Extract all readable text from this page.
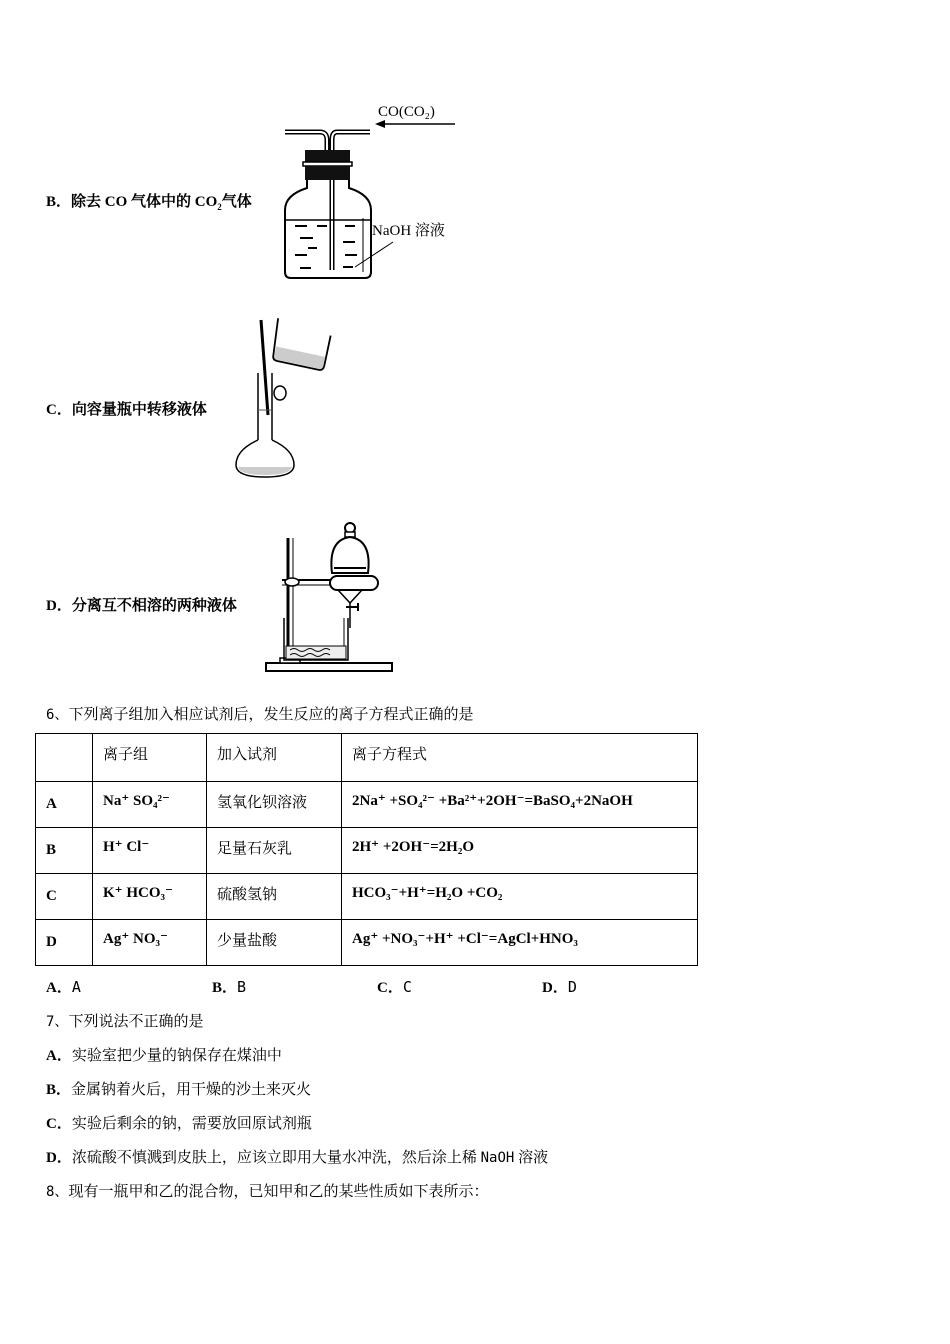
B．除去 CO 气体中的 $CO_2$气体
CO(CO₂)
NaOH 溶液
C．向容量瓶中转移液体
D．分离互不相溶的两种液体
6、下列离子组加入相应试剂后，发生反应的离子方程式正确的是
	离子组	加入试剂	离子方程式
A	Na⁺ SO₄²⁻	氢氧化钡溶液	2Na⁺ +SO₄²⁻ +Ba²⁺+2OH⁻=BaSO₄+2NaOH
B	H⁺ Cl⁻	足量石灰乳	2H⁺ +2OH⁻=2H₂O
C	K⁺ HCO₃⁻	硫酸氢钠	HCO₃⁻+H⁺=H₂O +CO₂
D	Ag⁺ NO₃⁻	少量盐酸	Ag⁺ +NO₃⁻+H⁺ +Cl⁻=AgCl+HNO₃
A．A	B．B	C．C	D．D
7、下列说法不正确的是
A．实验室把少量的钠保存在煤油中
B．金属钠着火后，用干燥的沙土来灭火
C．实验后剩余的钠，需要放回原试剂瓶
D．浓硫酸不慎溅到皮肤上，应该立即用大量水冲洗，然后涂上稀 NaOH 溶液
8、现有一瓶甲和乙的混合物，已知甲和乙的某些性质如下表所示：
